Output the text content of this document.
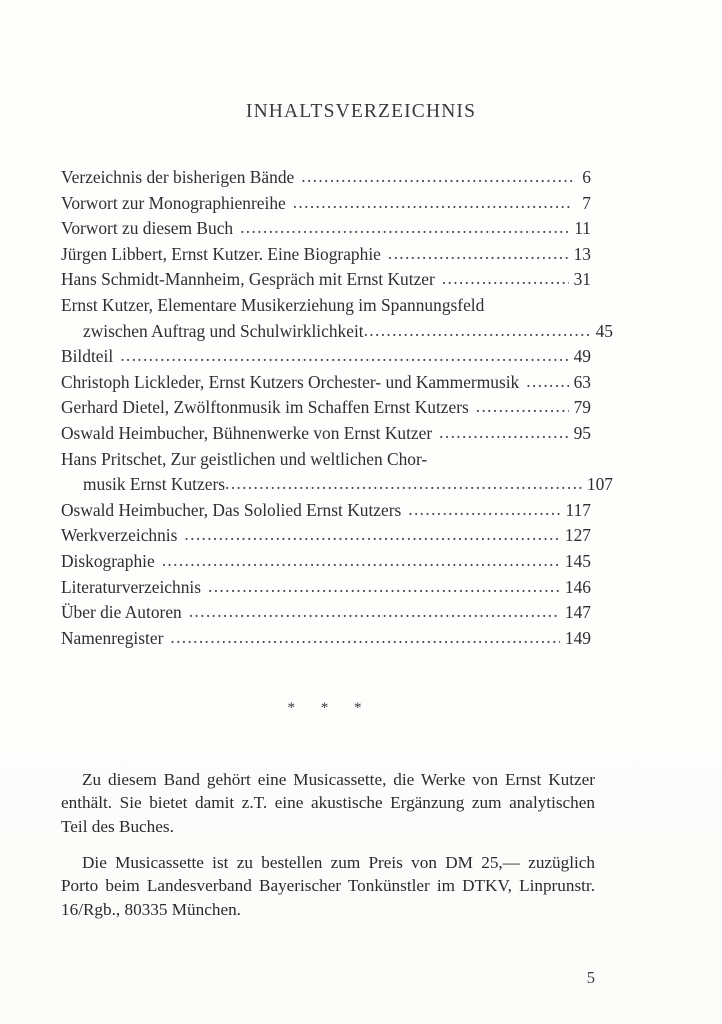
INHALTSVERZEICHNIS
Verzeichnis der bisherigen Bände .....	6
Vorwort zur Monographienreihe .....	7
Vorwort zu diesem Buch .....	11
Jürgen Libbert, Ernst Kutzer. Eine Biographie .....	13
Hans Schmidt-Mannheim, Gespräch mit Ernst Kutzer .....	31
Ernst Kutzer, Elementare Musikerziehung im Spannungsfeld
zwischen Auftrag und Schulwirklichkeit .....	45
Bildteil .....	49
Christoph Lickleder, Ernst Kutzers Orchester- und Kammermusik .....	63
Gerhard Dietel, Zwölftonmusik im Schaffen Ernst Kutzers .....	79
Oswald Heimbucher, Bühnenwerke von Ernst Kutzer .....	95
Hans Pritschet, Zur geistlichen und weltlichen Chor-
musik Ernst Kutzers .....	107
Oswald Heimbucher, Das Sololied Ernst Kutzers .....	117
Werkverzeichnis .....	127
Diskographie .....	145
Literaturverzeichnis .....	146
Über die Autoren .....	147
Namenregister .....	149
* * *

Zu diesem Band gehört eine Musicassette, die Werke von Ernst Kutzer enthält. Sie bietet damit z.T. eine akustische Ergänzung zum analytischen Teil des Buches.

Die Musicassette ist zu bestellen zum Preis von DM 25,— zuzüglich Porto beim Landesverband Bayerischer Tonkünstler im DTKV, Linprunstr. 16/Rgb., 80335 München.

5
